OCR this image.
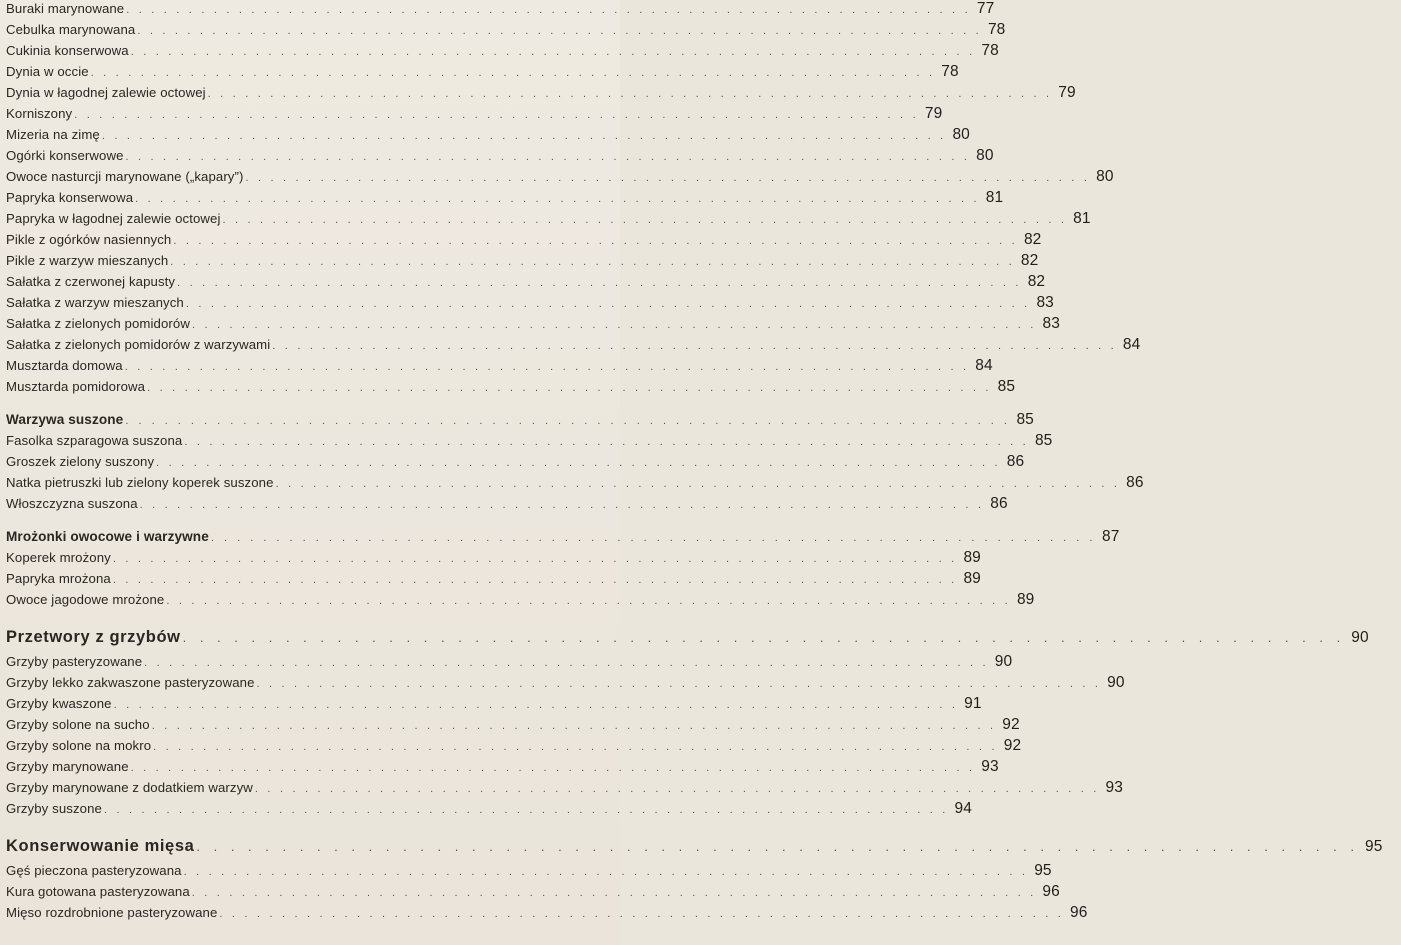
Buraki marynowane . . . . . . . . . . . . . . . . . . . . . . . . . . . . . . . . . . . . . . . . . . . . . . . . . . . . . . . . . . . . . . . . . . . . 77
Cebulka marynowana . . . . . . . . . . . . . . . . . . . . . . . . . . . . . . . . . . . . . . . . . . . . . . . . . . . . . . . . . . . . . . . . . . . . 78
Cukinia konserwowa . . . . . . . . . . . . . . . . . . . . . . . . . . . . . . . . . . . . . . . . . . . . . . . . . . . . . . . . . . . . . . . . . . . . 78
Dynia w occie . . . . . . . . . . . . . . . . . . . . . . . . . . . . . . . . . . . . . . . . . . . . . . . . . . . . . . . . . . . . . . . . . . . . 78
Dynia w łagodnej zalewie octowej . . . . . . . . . . . . . . . . . . . . . . . . . . . . . . . . . . . . . . . . . . . . . . . . . . . . . . . . . . . . . . . . . . . . 79
Korniszony . . . . . . . . . . . . . . . . . . . . . . . . . . . . . . . . . . . . . . . . . . . . . . . . . . . . . . . . . . . . . . . . . . . . 79
Mizeria na zimę . . . . . . . . . . . . . . . . . . . . . . . . . . . . . . . . . . . . . . . . . . . . . . . . . . . . . . . . . . . . . . . . . . . . 80
Ogórki konserwowe . . . . . . . . . . . . . . . . . . . . . . . . . . . . . . . . . . . . . . . . . . . . . . . . . . . . . . . . . . . . . . . . . . . . 80
Owoce nasturcji marynowane („kapary”) . . . . . . . . . . . . . . . . . . . . . . . . . . . . . . . . . . . . . . . . . . . . . . . . . . . . . . . . . . . . . . . . . . . . 80
Papryka konserwowa . . . . . . . . . . . . . . . . . . . . . . . . . . . . . . . . . . . . . . . . . . . . . . . . . . . . . . . . . . . . . . . . . . . . 81
Papryka w łagodnej zalewie octowej . . . . . . . . . . . . . . . . . . . . . . . . . . . . . . . . . . . . . . . . . . . . . . . . . . . . . . . . . . . . . . . . . . . . 81
Pikle z ogórków nasiennych . . . . . . . . . . . . . . . . . . . . . . . . . . . . . . . . . . . . . . . . . . . . . . . . . . . . . . . . . . . . . . . . . . . . 82
Pikle z warzyw mieszanych . . . . . . . . . . . . . . . . . . . . . . . . . . . . . . . . . . . . . . . . . . . . . . . . . . . . . . . . . . . . . . . . . . . . 82
Sałatka z czerwonej kapusty . . . . . . . . . . . . . . . . . . . . . . . . . . . . . . . . . . . . . . . . . . . . . . . . . . . . . . . . . . . . . . . . . . . . 82
Sałatka z warzyw mieszanych . . . . . . . . . . . . . . . . . . . . . . . . . . . . . . . . . . . . . . . . . . . . . . . . . . . . . . . . . . . . . . . . . . . . 83
Sałatka z zielonych pomidorów . . . . . . . . . . . . . . . . . . . . . . . . . . . . . . . . . . . . . . . . . . . . . . . . . . . . . . . . . . . . . . . . . . . . 83
Sałatka z zielonych pomidorów z warzywami . . . . . . . . . . . . . . . . . . . . . . . . . . . . . . . . . . . . . . . . . . . . . . . . . . . . . . . . . . . . . . . . . . . . 84
Musztarda domowa . . . . . . . . . . . . . . . . . . . . . . . . . . . . . . . . . . . . . . . . . . . . . . . . . . . . . . . . . . . . . . . . . . . . 84
Musztarda pomidorowa . . . . . . . . . . . . . . . . . . . . . . . . . . . . . . . . . . . . . . . . . . . . . . . . . . . . . . . . . . . . . . . . . . . . 85
Warzywa suszone . . . . . . . . . . . . . . . . . . . . . . . . . . . . . . . . . . . . . . . . . . . . . . . . . . . . . . . . . . . . . . . . . . . . 85
Fasolka szparagowa suszona . . . . . . . . . . . . . . . . . . . . . . . . . . . . . . . . . . . . . . . . . . . . . . . . . . . . . . . . . . . . . . . . . . . . 85
Groszek zielony suszony . . . . . . . . . . . . . . . . . . . . . . . . . . . . . . . . . . . . . . . . . . . . . . . . . . . . . . . . . . . . . . . . . . . . 86
Natka pietruszki lub zielony koperek suszone . . . . . . . . . . . . . . . . . . . . . . . . . . . . . . . . . . . . . . . . . . . . . . . . . . . . . . . . . . . . . . . . . . . . 86
Włoszczyzna suszona . . . . . . . . . . . . . . . . . . . . . . . . . . . . . . . . . . . . . . . . . . . . . . . . . . . . . . . . . . . . . . . . . . . . 86
Mrożonki owocowe i warzywne . . . . . . . . . . . . . . . . . . . . . . . . . . . . . . . . . . . . . . . . . . . . . . . . . . . . . . . . . . . . . . . . . . . . 87
Koperek mrożony . . . . . . . . . . . . . . . . . . . . . . . . . . . . . . . . . . . . . . . . . . . . . . . . . . . . . . . . . . . . . . . . . . . . 89
Papryka mrożona . . . . . . . . . . . . . . . . . . . . . . . . . . . . . . . . . . . . . . . . . . . . . . . . . . . . . . . . . . . . . . . . . . . . 89
Owoce jagodowe mrożone . . . . . . . . . . . . . . . . . . . . . . . . . . . . . . . . . . . . . . . . . . . . . . . . . . . . . . . . . . . . . . . . . . . . 89
Przetwory z grzybów . . . . . . . . . . . . . . . . . . . . . . . . . . . . . . . . . . . . . . . . . . . . . . . . . . . . . . . . . . . . . . . . . . . . 90
Grzyby pasteryzowane . . . . . . . . . . . . . . . . . . . . . . . . . . . . . . . . . . . . . . . . . . . . . . . . . . . . . . . . . . . . . . . . . . . . 90
Grzyby lekko zakwaszone pasteryzowane . . . . . . . . . . . . . . . . . . . . . . . . . . . . . . . . . . . . . . . . . . . . . . . . . . . . . . . . . . . . . . . . . . . . 90
Grzyby kwaszone . . . . . . . . . . . . . . . . . . . . . . . . . . . . . . . . . . . . . . . . . . . . . . . . . . . . . . . . . . . . . . . . . . . . 91
Grzyby solone na sucho . . . . . . . . . . . . . . . . . . . . . . . . . . . . . . . . . . . . . . . . . . . . . . . . . . . . . . . . . . . . . . . . . . . . 92
Grzyby solone na mokro . . . . . . . . . . . . . . . . . . . . . . . . . . . . . . . . . . . . . . . . . . . . . . . . . . . . . . . . . . . . . . . . . . . . 92
Grzyby marynowane . . . . . . . . . . . . . . . . . . . . . . . . . . . . . . . . . . . . . . . . . . . . . . . . . . . . . . . . . . . . . . . . . . . . 93
Grzyby marynowane z dodatkiem warzyw . . . . . . . . . . . . . . . . . . . . . . . . . . . . . . . . . . . . . . . . . . . . . . . . . . . . . . . . . . . . . . . . . . . . 93
Grzyby suszone . . . . . . . . . . . . . . . . . . . . . . . . . . . . . . . . . . . . . . . . . . . . . . . . . . . . . . . . . . . . . . . . . . . . 94
Konserwowanie mięsa . . . . . . . . . . . . . . . . . . . . . . . . . . . . . . . . . . . . . . . . . . . . . . . . . . . . . . . . . . . . . . . . . . . . 95
Gęś pieczona pasteryzowana . . . . . . . . . . . . . . . . . . . . . . . . . . . . . . . . . . . . . . . . . . . . . . . . . . . . . . . . . . . . . . . . . . . . 95
Kura gotowana pasteryzowana . . . . . . . . . . . . . . . . . . . . . . . . . . . . . . . . . . . . . . . . . . . . . . . . . . . . . . . . . . . . . . . . . . . . 96
Mięso rozdrobnione pasteryzowane . . . . . . . . . . . . . . . . . . . . . . . . . . . . . . . . . . . . . . . . . . . . . . . . . . . . . . . . . . . . . . . . . . . . 96
